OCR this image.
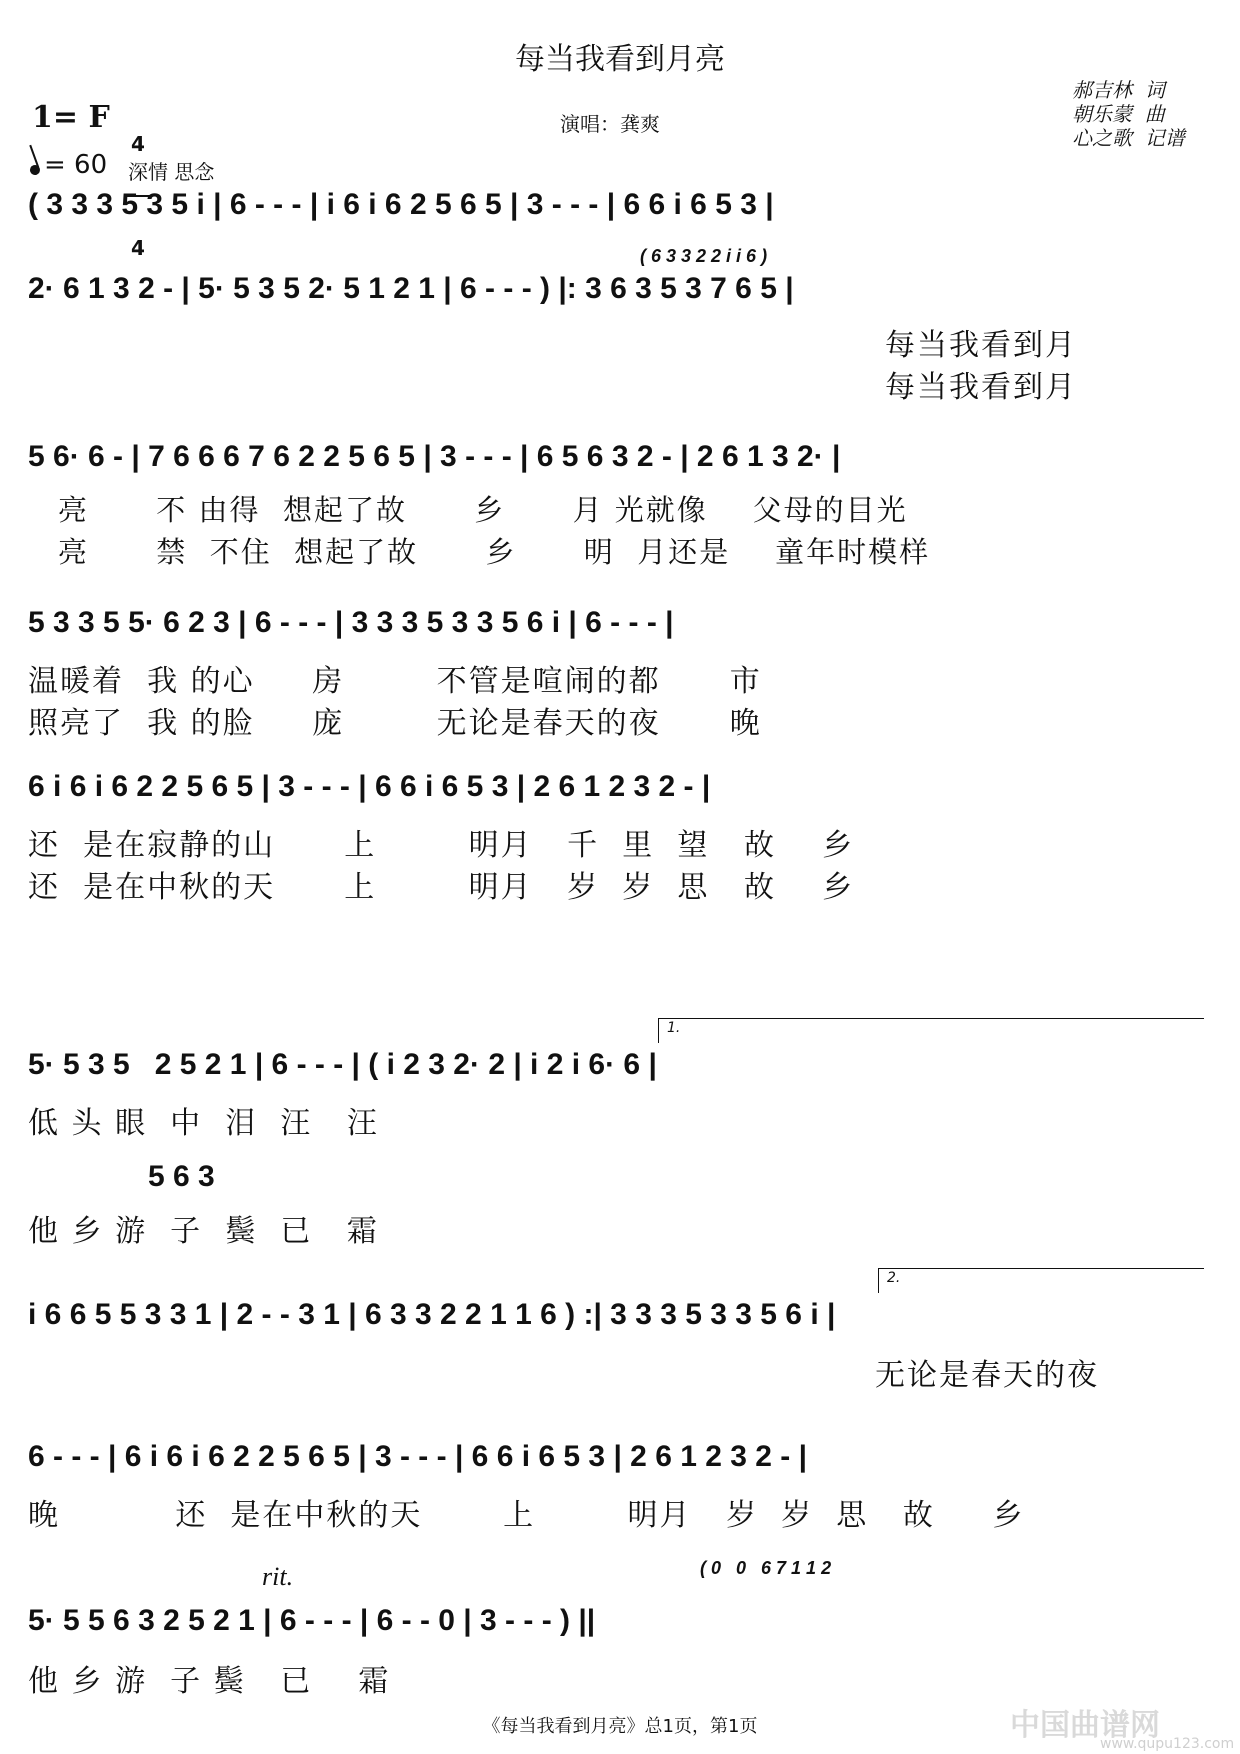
每当我看到月亮
郝吉林  词
朝乐蒙  曲
心之歌  记谱
演唱：龚爽
1= F

4

4

= 60 深情 思念
( 3 3 3 5 3 5 i | 6 - - - | i 6 i 6 2 5 6 5 | 3 - - - | 6 6 i 6 5 3 |
( 6 3 3 2 2 i i 6 )
2· 6 1 3 2 - | 5· 5 3 5 2· 5 1 2 1 | 6 - - - ) |: 3 6 3 5 3 7 6 5 |
每当我看到月
每当我看到月
5 6· 6 - | 7 6 6 6 7 6 2 2 5 6 5 | 3 - - - | 6 5 6 3 2 - | 2 6 1 3 2· |
亮      不 由得  想起了故      乡      月 光就像    父母的目光
亮      禁  不住  想起了故      乡      明  月还是    童年时模样
5 3 3 5 5· 6 2 3 | 6 - - - | 3 3 3 5 3 3 5 6 i | 6 - - - |
温暖着  我 的心     房        不管是喧闹的都      市
照亮了  我 的脸     庞        无论是春天的夜      晚
6 i 6 i 6 2 2 5 6 5 | 3 - - - | 6 6 i 6 5 3 | 2 6 1 2 3 2 - |
还  是在寂静的山      上        明月   千  里  望   故    乡
还  是在中秋的天      上        明月   岁  岁  思   故    乡
1.
5· 5 3 5   2 5 2 1 | 6 - - - | ( i 2 3 2· 2 | i 2 i 6· 6 |
低 头 眼  中  泪  汪   汪
5 6 3
他 乡 游  子  鬓  已   霜
2.
i 6 6 5 5 3 3 1 | 2 - - 3 1 | 6 3 3 2 2 1 1 6 ) :| 3 3 3 5 3 3 5 6 i |
无论是春天的夜
6 - - - | 6 i 6 i 6 2 2 5 6 5 | 3 - - - | 6 6 i 6 5 3 | 2 6 1 2 3 2 - |
晚          还  是在中秋的天       上        明月   岁  岁  思   故     乡
( 0   0   6 7 1 1 2
rit.
5· 5 5 6 3 2 5 2 1 | 6 - - - | 6 - - 0 | 3 - - - ) ||
他 乡 游  子 鬓   已    霜
《每当我看到月亮》总1页，第1页	中国曲谱网
www.qupu123.com
